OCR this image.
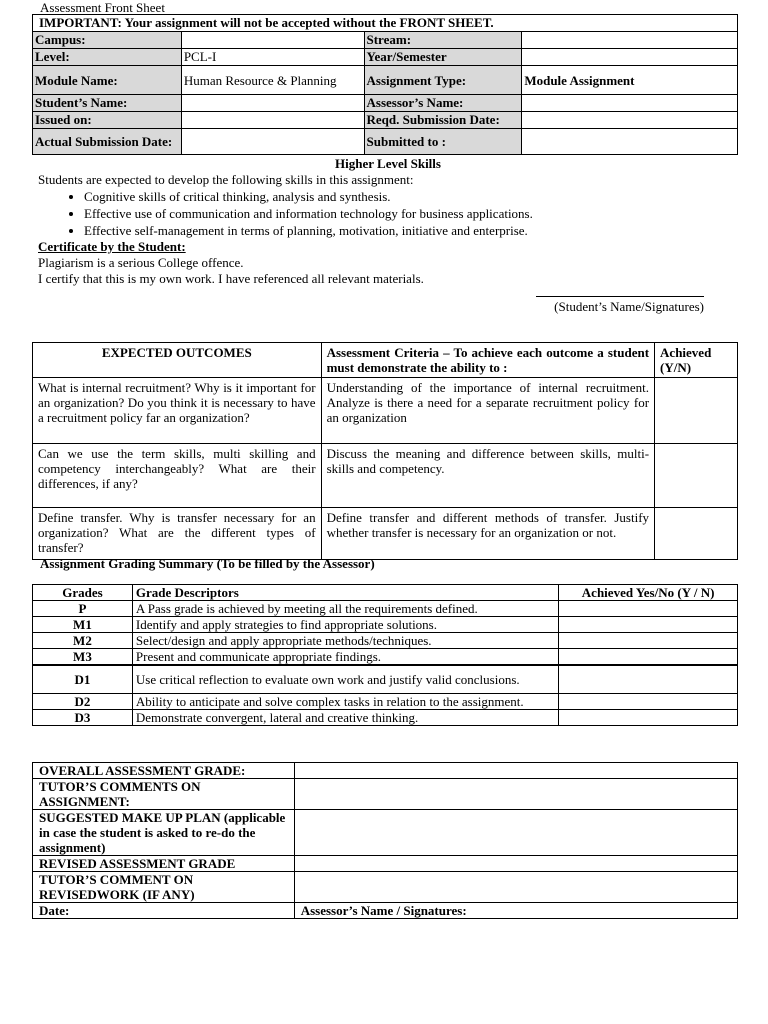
Assessment Front Sheet
IMPORTANT: Your assignment will not be accepted without the FRONT SHEET.			
Campus:		Stream:	
Level:	PCL-I	Year/Semester	
Module Name:	Human Resource & Planning	Assignment Type:	Module Assignment
Student’s Name:		Assessor’s Name:	
Issued on:		Reqd. Submission Date:	
Actual Submission Date:		Submitted to :	
Higher Level Skills

Students are expected to develop the following skills in this assignment:

• Cognitive skills of critical thinking, analysis and synthesis.
• Effective use of communication and information technology for business applications.
• Effective self-management in terms of planning, motivation, initiative and enterprise.
Certificate by the Student:
Plagiarism is a serious College offence.
I certify that this is my own work. I have referenced all relevant materials.
(Student’s Name/Signatures)
EXPECTED OUTCOMES	Assessment Criteria – To achieve each outcome a student must demonstrate the ability to :	Achieved (Y/N)
What is internal recruitment? Why is it important for an organization? Do you think it is necessary to have a recruitment policy far an organization?	Understanding of the importance of internal recruitment. Analyze is there a need for a separate recruitment policy for an organization	
Can we use the term skills, multi skilling and competency interchangeably? What are their differences, if any?	Discuss the meaning and difference between skills, multi-skills and competency.	
Define transfer. Why is transfer necessary for an organization? What are the different types of transfer?	Define transfer and different methods of transfer. Justify whether transfer is necessary for an organization or not.	
Assignment Grading Summary (To be filled by the Assessor)
Grades	Grade Descriptors	Achieved Yes/No (Y / N)
P	A Pass grade is achieved by meeting all the requirements defined.	
M1	Identify and apply strategies to find appropriate solutions.	
M2	Select/design and apply appropriate methods/techniques.	
M3	Present and communicate appropriate findings.	
D1	Use critical reflection to evaluate own work and justify valid conclusions.	
D2	Ability to anticipate and solve complex tasks in relation to the assignment.	
D3	Demonstrate convergent, lateral and creative thinking.	
OVERALL ASSESSMENT GRADE:	
TUTOR’S COMMENTS ON ASSIGNMENT:	
SUGGESTED MAKE UP PLAN (applicable in case the student is asked to re-do the assignment)	
REVISED ASSESSMENT GRADE	
TUTOR’S COMMENT ON REVISEDWORK (IF ANY)	
Date:	Assessor’s Name / Signatures:
